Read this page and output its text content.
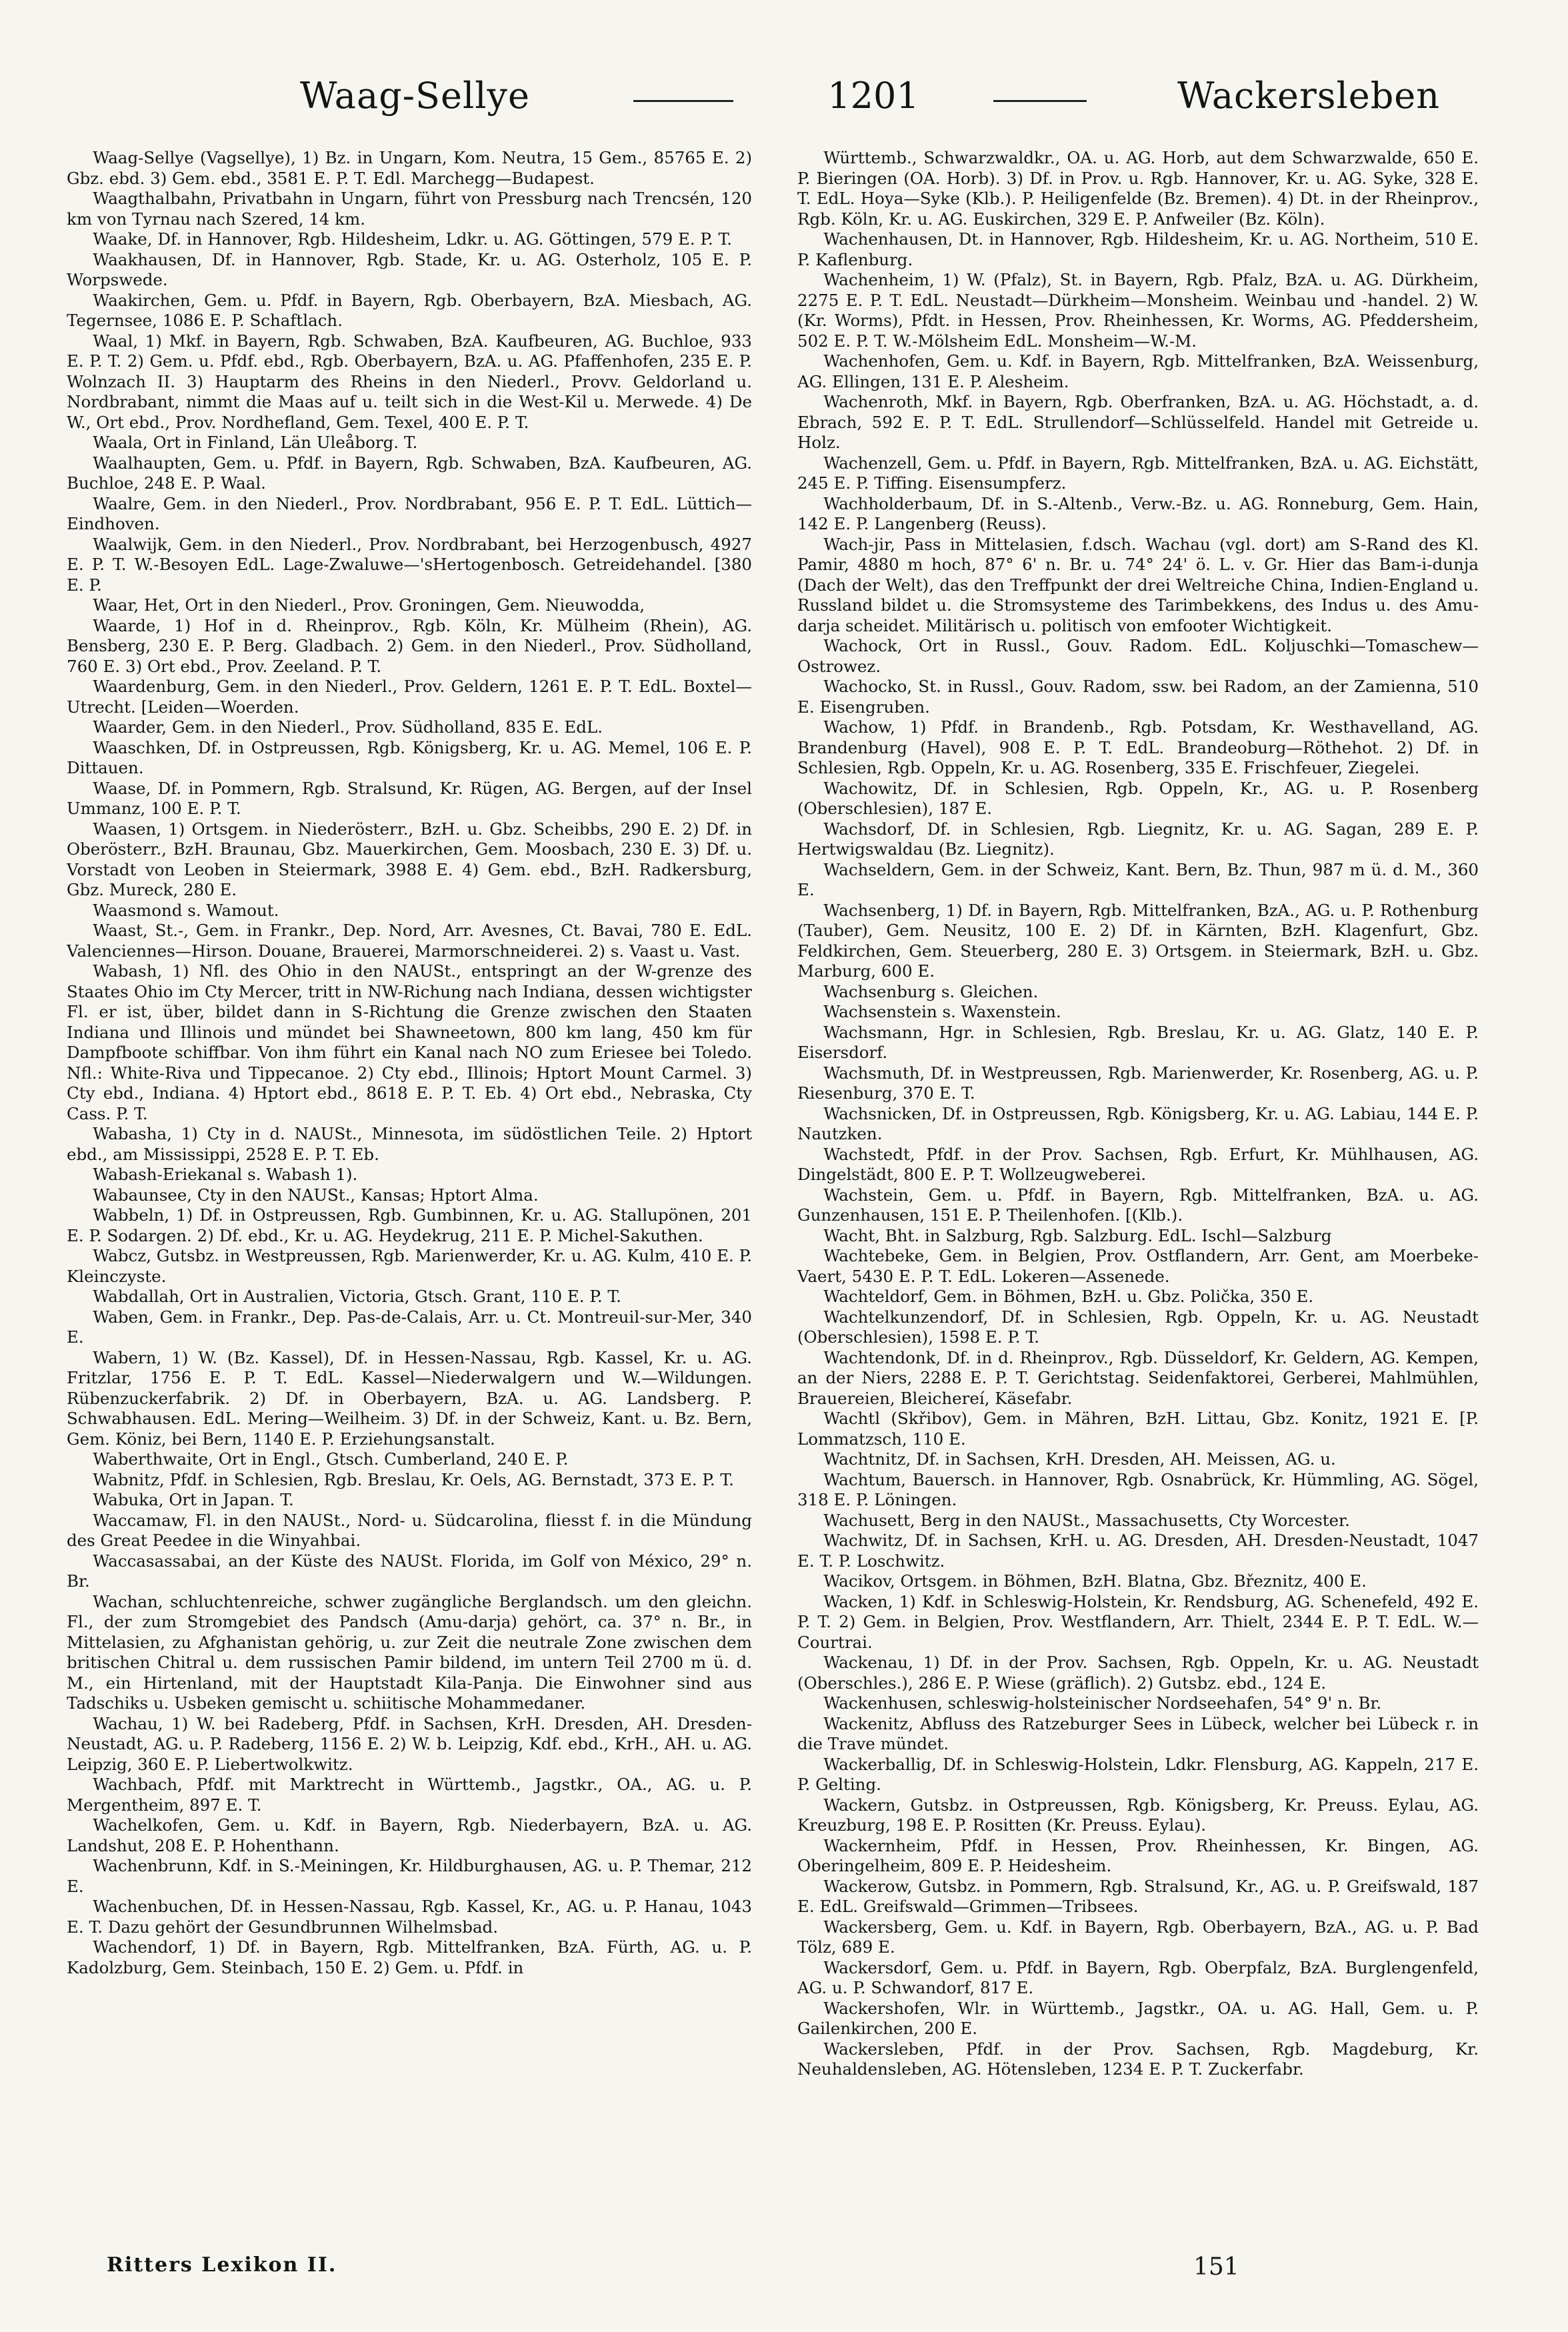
Waag-Sellye	1201	Wackersleben

Waag-Sellye (Vagsellye), 1) Bz. in Ungarn, Kom. Neutra, 15 Gem., 85765 E. 2) Gbz. ebd. 3) Gem. ebd., 3581 E. P. T. Edl. Marchegg—Budapest.

Waagthalbahn, Privatbahn in Ungarn, führt von Pressburg nach Trencsén, 120 km von Tyrnau nach Szered, 14 km.

Waake, Df. in Hannover, Rgb. Hildesheim, Ldkr. u. AG. Göttingen, 579 E. P. T.

Waakhausen, Df. in Hannover, Rgb. Stade, Kr. u. AG. Osterholz, 105 E. P. Worpswede.

Waakirchen, Gem. u. Pfdf. in Bayern, Rgb. Oberbayern, BzA. Miesbach, AG. Tegernsee, 1086 E. P. Schaftlach.

Waal, 1) Mkf. in Bayern, Rgb. Schwaben, BzA. Kaufbeuren, AG. Buchloe, 933 E. P. T. 2) Gem. u. Pfdf. ebd., Rgb. Oberbayern, BzA. u. AG. Pfaffenhofen, 235 E. P. Wolnzach II. 3) Hauptarm des Rheins in den Niederl., Provv. Geldorland u. Nordbrabant, nimmt die Maas auf u. teilt sich in die West-Kil u. Merwede. 4) De W., Ort ebd., Prov. Nordhefland, Gem. Texel, 400 E. P. T.

Waala, Ort in Finland, Län Uleåborg. T.

Waalhaupten, Gem. u. Pfdf. in Bayern, Rgb. Schwaben, BzA. Kaufbeuren, AG. Buchloe, 248 E. P. Waal.

Waalre, Gem. in den Niederl., Prov. Nordbrabant, 956 E. P. T. EdL. Lüttich—Eindhoven.

Waalwijk, Gem. in den Niederl., Prov. Nordbrabant, bei Herzogenbusch, 4927 E. P. T. W.-Besoyen EdL. Lage-Zwaluwe—'sHertogenbosch. Getreidehandel. [380 E. P.

Waar, Het, Ort in den Niederl., Prov. Groningen, Gem. Nieuwodda,

Waarde, 1) Hof in d. Rheinprov., Rgb. Köln, Kr. Mülheim (Rhein), AG. Bensberg, 230 E. P. Berg. Gladbach. 2) Gem. in den Niederl., Prov. Südholland, 760 E. 3) Ort ebd., Prov. Zeeland. P. T.

Waardenburg, Gem. in den Niederl., Prov. Geldern, 1261 E. P. T. EdL. Boxtel—Utrecht. [Leiden—Woerden.

Waarder, Gem. in den Niederl., Prov. Südholland, 835 E. EdL.

Waaschken, Df. in Ostpreussen, Rgb. Königsberg, Kr. u. AG. Memel, 106 E. P. Dittauen.

Waase, Df. in Pommern, Rgb. Stralsund, Kr. Rügen, AG. Bergen, auf der Insel Ummanz, 100 E. P. T.

Waasen, 1) Ortsgem. in Niederösterr., BzH. u. Gbz. Scheibbs, 290 E. 2) Df. in Oberösterr., BzH. Braunau, Gbz. Mauerkirchen, Gem. Moosbach, 230 E. 3) Df. u. Vorstadt von Leoben in Steiermark, 3988 E. 4) Gem. ebd., BzH. Radkersburg, Gbz. Mureck, 280 E.

Waasmond s. Wamout.

Waast, St.-, Gem. in Frankr., Dep. Nord, Arr. Avesnes, Ct. Bavai, 780 E. EdL. Valenciennes—Hirson. Douane, Brauerei, Marmorschneiderei. 2) s. Vaast u. Vast.

Wabash, 1) Nfl. des Ohio in den NAUSt., entspringt an der W-grenze des Staates Ohio im Cty Mercer, tritt in NW-Richung nach Indiana, dessen wichtigster Fl. er ist, über, bildet dann in S-Richtung die Grenze zwischen den Staaten Indiana und Illinois und mündet bei Shawneetown, 800 km lang, 450 km für Dampfboote schiffbar. Von ihm führt ein Kanal nach NO zum Eriesee bei Toledo. Nfl.: White-Riva und Tippecanoe. 2) Cty ebd., Illinois; Hptort Mount Carmel. 3) Cty ebd., Indiana. 4) Hptort ebd., 8618 E. P. T. Eb. 4) Ort ebd., Nebraska, Cty Cass. P. T.

Wabasha, 1) Cty in d. NAUSt., Minnesota, im südöstlichen Teile. 2) Hptort ebd., am Mississippi, 2528 E. P. T. Eb.

Wabash-Eriekanal s. Wabash 1).

Wabaunsee, Cty in den NAUSt., Kansas; Hptort Alma.

Wabbeln, 1) Df. in Ostpreussen, Rgb. Gumbinnen, Kr. u. AG. Stallupönen, 201 E. P. Sodargen. 2) Df. ebd., Kr. u. AG. Heydekrug, 211 E. P. Michel-Sakuthen.

Wabcz, Gutsbz. in Westpreussen, Rgb. Marienwerder, Kr. u. AG. Kulm, 410 E. P. Kleinczyste.

Wabdallah, Ort in Australien, Victoria, Gtsch. Grant, 110 E. P. T.

Waben, Gem. in Frankr., Dep. Pas-de-Calais, Arr. u. Ct. Montreuil-sur-Mer, 340 E.

Wabern, 1) W. (Bz. Kassel), Df. in Hessen-Nassau, Rgb. Kassel, Kr. u. AG. Fritzlar, 1756 E. P. T. EdL. Kassel—Niederwalgern und W.—Wildungen. Rübenzuckerfabrik. 2) Df. in Oberbayern, BzA. u. AG. Landsberg. P. Schwabhausen. EdL. Mering—Weilheim. 3) Df. in der Schweiz, Kant. u. Bz. Bern, Gem. Köniz, bei Bern, 1140 E. P. Erziehungsanstalt.

Waberthwaite, Ort in Engl., Gtsch. Cumberland, 240 E. P.

Wabnitz, Pfdf. in Schlesien, Rgb. Breslau, Kr. Oels, AG. Bernstadt, 373 E. P. T.

Wabuka, Ort in Japan. T.

Waccamaw, Fl. in den NAUSt., Nord- u. Südcarolina, fliesst f. in die Mündung des Great Peedee in die Winyahbai.

Waccasassabai, an der Küste des NAUSt. Florida, im Golf von México, 29° n. Br.

Wachan, schluchtenreiche, schwer zugängliche Berglandsch. um den gleichn. Fl., der zum Stromgebiet des Pandsch (Amu-darja) gehört, ca. 37° n. Br., in Mittelasien, zu Afghanistan gehörig, u. zur Zeit die neutrale Zone zwischen dem britischen Chitral u. dem russischen Pamir bildend, im untern Teil 2700 m ü. d. M., ein Hirtenland, mit der Hauptstadt Kila-Panja. Die Einwohner sind aus Tadschiks u. Usbeken gemischt u. schiitische Mohammedaner.

Wachau, 1) W. bei Radeberg, Pfdf. in Sachsen, KrH. Dresden, AH. Dresden-Neustadt, AG. u. P. Radeberg, 1156 E. 2) W. b. Leipzig, Kdf. ebd., KrH., AH. u. AG. Leipzig, 360 E. P. Liebertwolkwitz.

Wachbach, Pfdf. mit Marktrecht in Württemb., Jagstkr., OA., AG. u. P. Mergentheim, 897 E. T.

Wachelkofen, Gem. u. Kdf. in Bayern, Rgb. Niederbayern, BzA. u. AG. Landshut, 208 E. P. Hohenthann.

Wachenbrunn, Kdf. in S.-Meiningen, Kr. Hildburghausen, AG. u. P. Themar, 212 E.

Wachenbuchen, Df. in Hessen-Nassau, Rgb. Kassel, Kr., AG. u. P. Hanau, 1043 E. T. Dazu gehört der Gesundbrunnen Wilhelmsbad.

Wachendorf, 1) Df. in Bayern, Rgb. Mittelfranken, BzA. Fürth, AG. u. P. Kadolzburg, Gem. Steinbach, 150 E. 2) Gem. u. Pfdf. in

Württemb., Schwarzwaldkr., OA. u. AG. Horb, aut dem Schwarzwalde, 650 E. P. Bieringen (OA. Horb). 3) Df. in Prov. u. Rgb. Hannover, Kr. u. AG. Syke, 328 E. T. EdL. Hoya—Syke (Klb.). P. Heiligenfelde (Bz. Bremen). 4) Dt. in der Rheinprov., Rgb. Köln, Kr. u. AG. Euskirchen, 329 E. P. Anfweiler (Bz. Köln).

Wachenhausen, Dt. in Hannover, Rgb. Hildesheim, Kr. u. AG. Northeim, 510 E. P. Kaflenburg.

Wachenheim, 1) W. (Pfalz), St. in Bayern, Rgb. Pfalz, BzA. u. AG. Dürkheim, 2275 E. P. T. EdL. Neustadt—Dürkheim—Monsheim. Weinbau und -handel. 2) W. (Kr. Worms), Pfdt. in Hessen, Prov. Rheinhessen, Kr. Worms, AG. Pfeddersheim, 502 E. P. T. W.-Mölsheim EdL. Monsheim—W.-M.

Wachenhofen, Gem. u. Kdf. in Bayern, Rgb. Mittelfranken, BzA. Weissenburg, AG. Ellingen, 131 E. P. Alesheim.

Wachenroth, Mkf. in Bayern, Rgb. Oberfranken, BzA. u. AG. Höchstadt, a. d. Ebrach, 592 E. P. T. EdL. Strullendorf—Schlüsselfeld. Handel mit Getreide u. Holz.

Wachenzell, Gem. u. Pfdf. in Bayern, Rgb. Mittelfranken, BzA. u. AG. Eichstätt, 245 E. P. Tiffing. Eisensumpferz.

Wachholderbaum, Df. in S.-Altenb., Verw.-Bz. u. AG. Ronneburg, Gem. Hain, 142 E. P. Langenberg (Reuss).

Wach-jir, Pass in Mittelasien, f.dsch. Wachau (vgl. dort) am S-Rand des Kl. Pamir, 4880 m hoch, 87° 6' n. Br. u. 74° 24' ö. L. v. Gr. Hier das Bam-i-dunja (Dach der Welt), das den Treffpunkt der drei Weltreiche China, Indien-England u. Russland bildet u. die Stromsysteme des Tarimbekkens, des Indus u. des Amu-darja scheidet. Militärisch u. politisch von emfooter Wichtigkeit.

Wachock, Ort in Russl., Gouv. Radom. EdL. Koljuschki—Tomaschew—Ostrowez.

Wachocko, St. in Russl., Gouv. Radom, ssw. bei Radom, an der Zamienna, 510 E. Eisengruben.

Wachow, 1) Pfdf. in Brandenb., Rgb. Potsdam, Kr. Westhavelland, AG. Brandenburg (Havel), 908 E. P. T. EdL. Brandeoburg—Röthehot. 2) Df. in Schlesien, Rgb. Oppeln, Kr. u. AG. Rosenberg, 335 E. Frischfeuer, Ziegelei.

Wachowitz, Df. in Schlesien, Rgb. Oppeln, Kr., AG. u. P. Rosenberg (Oberschlesien), 187 E.

Wachsdorf, Df. in Schlesien, Rgb. Liegnitz, Kr. u. AG. Sagan, 289 E. P. Hertwigswaldau (Bz. Liegnitz).

Wachseldern, Gem. in der Schweiz, Kant. Bern, Bz. Thun, 987 m ü. d. M., 360 E.

Wachsenberg, 1) Df. in Bayern, Rgb. Mittelfranken, BzA., AG. u. P. Rothenburg (Tauber), Gem. Neusitz, 100 E. 2) Df. in Kärnten, BzH. Klagenfurt, Gbz. Feldkirchen, Gem. Steuerberg, 280 E. 3) Ortsgem. in Steiermark, BzH. u. Gbz. Marburg, 600 E.

Wachsenburg s. Gleichen.

Wachsenstein s. Waxenstein.

Wachsmann, Hgr. in Schlesien, Rgb. Breslau, Kr. u. AG. Glatz, 140 E. P. Eisersdorf.

Wachsmuth, Df. in Westpreussen, Rgb. Marienwerder, Kr. Rosenberg, AG. u. P. Riesenburg, 370 E. T.

Wachsnicken, Df. in Ostpreussen, Rgb. Königsberg, Kr. u. AG. Labiau, 144 E. P. Nautzken.

Wachstedt, Pfdf. in der Prov. Sachsen, Rgb. Erfurt, Kr. Mühlhausen, AG. Dingelstädt, 800 E. P. T. Wollzeugweberei.

Wachstein, Gem. u. Pfdf. in Bayern, Rgb. Mittelfranken, BzA. u. AG. Gunzenhausen, 151 E. P. Theilenhofen. [(Klb.).

Wacht, Bht. in Salzburg, Rgb. Salzburg. EdL. Ischl—Salzburg

Wachtebeke, Gem. in Belgien, Prov. Ostflandern, Arr. Gent, am Moerbeke-Vaert, 5430 E. P. T. EdL. Lokeren—Assenede.

Wachteldorf, Gem. in Böhmen, BzH. u. Gbz. Polička, 350 E.

Wachtelkunzendorf, Df. in Schlesien, Rgb. Oppeln, Kr. u. AG. Neustadt (Oberschlesien), 1598 E. P. T.

Wachtendonk, Df. in d. Rheinprov., Rgb. Düsseldorf, Kr. Geldern, AG. Kempen, an der Niers, 2288 E. P. T. Gerichtstag. Seidenfaktorei, Gerberei, Mahlmühlen, Brauereien, Bleichereí, Käsefabr.

Wachtl (Skřibov), Gem. in Mähren, BzH. Littau, Gbz. Konitz, 1921 E. [P. Lommatzsch, 110 E.

Wachtnitz, Df. in Sachsen, KrH. Dresden, AH. Meissen, AG. u.

Wachtum, Bauersch. in Hannover, Rgb. Osnabrück, Kr. Hümmling, AG. Sögel, 318 E. P. Löningen.

Wachusett, Berg in den NAUSt., Massachusetts, Cty Worcester.

Wachwitz, Df. in Sachsen, KrH. u. AG. Dresden, AH. Dresden-Neustadt, 1047 E. T. P. Loschwitz.

Wacikov, Ortsgem. in Böhmen, BzH. Blatna, Gbz. Březnitz, 400 E.

Wacken, 1) Kdf. in Schleswig-Holstein, Kr. Rendsburg, AG. Schenefeld, 492 E. P. T. 2) Gem. in Belgien, Prov. Westflandern, Arr. Thielt, 2344 E. P. T. EdL. W.—Courtrai.

Wackenau, 1) Df. in der Prov. Sachsen, Rgb. Oppeln, Kr. u. AG. Neustadt (Oberschles.), 286 E. P. Wiese (gräflich). 2) Gutsbz. ebd., 124 E.

Wackenhusen, schleswig-holsteinischer Nordseehafen, 54° 9' n. Br.

Wackenitz, Abfluss des Ratzeburger Sees in Lübeck, welcher bei Lübeck r. in die Trave mündet.

Wackerballig, Df. in Schleswig-Holstein, Ldkr. Flensburg, AG. Kappeln, 217 E. P. Gelting.

Wackern, Gutsbz. in Ostpreussen, Rgb. Königsberg, Kr. Preuss. Eylau, AG. Kreuzburg, 198 E. P. Rositten (Kr. Preuss. Eylau).

Wackernheim, Pfdf. in Hessen, Prov. Rheinhessen, Kr. Bingen, AG. Oberingelheim, 809 E. P. Heidesheim.

Wackerow, Gutsbz. in Pommern, Rgb. Stralsund, Kr., AG. u. P. Greifswald, 187 E. EdL. Greifswald—Grimmen—Tribsees.

Wackersberg, Gem. u. Kdf. in Bayern, Rgb. Oberbayern, BzA., AG. u. P. Bad Tölz, 689 E.

Wackersdorf, Gem. u. Pfdf. in Bayern, Rgb. Oberpfalz, BzA. Burglengenfeld, AG. u. P. Schwandorf, 817 E.

Wackershofen, Wlr. in Württemb., Jagstkr., OA. u. AG. Hall, Gem. u. P. Gailenkirchen, 200 E.

Wackersleben, Pfdf. in der Prov. Sachsen, Rgb. Magdeburg, Kr. Neuhaldensleben, AG. Hötensleben, 1234 E. P. T. Zuckerfabr.

Ritters Lexikon II.	151
